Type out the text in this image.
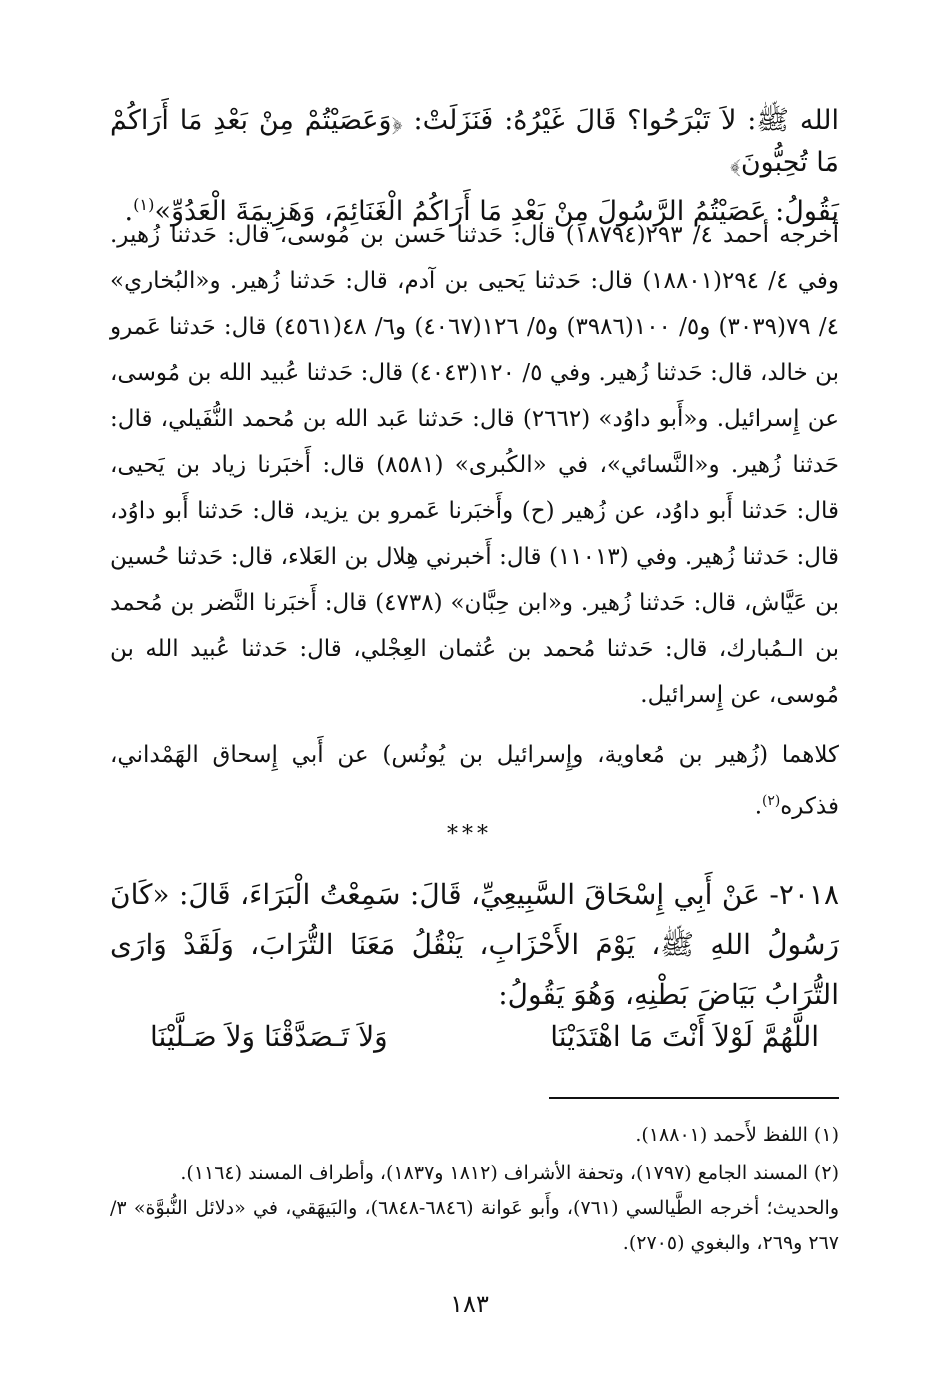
الله ﷺ: لاَ تَبْرَحُوا؟ قَالَ غَيْرُهُ: فَنَزَلَتْ: ﴿وَعَصَيْتُمْ مِنْ بَعْدِ مَا أَرَاكُمْ مَا تُحِبُّونَ﴾

يَقُولُ: عَصَيْتُمُ الرَّسُولَ مِنْ بَعْدِ مَا أَرَاكُمُ الْغَنَائِمَ، وَهَزِيمَةَ الْعَدُوِّ»$^{(١)}$.

أخرجه أحمد ٤/ ٢٩٣(١٨٧٩٤) قال: حَدثنا حَسن بن مُوسى، قال: حَدثنا زُهير. وفي ٤/ ٢٩٤(١٨٨٠١) قال: حَدثنا يَحيى بن آدم، قال: حَدثنا زُهير. و«البُخاري» ٤/ ٧٩(٣٠٣٩) و٥/ ١٠٠(٣٩٨٦) و٥/ ١٢٦(٤٠٦٧) و٦/ ٤٨(٤٥٦١) قال: حَدثنا عَمرو بن خالد، قال: حَدثنا زُهير. وفي ٥/ ١٢٠(٤٠٤٣) قال: حَدثنا عُبيد الله بن مُوسى، عن إِسرائيل. و«أَبو داوُد» (٢٦٦٢) قال: حَدثنا عَبد الله بن مُحمد النُّفَيلي، قال: حَدثنا زُهير. و«النَّسائي»، في «الكُبرى» (٨٥٨١) قال: أَخبَرنا زياد بن يَحيى، قال: حَدثنا أَبو داوُد، عن زُهير (ح) وأَخبَرنا عَمرو بن يزيد، قال: حَدثنا أَبو داوُد، قال: حَدثنا زُهير. وفي (١١٠١٣) قال: أَخبرني هِلال بن العَلاء، قال: حَدثنا حُسين بن عَيَّاش، قال: حَدثنا زُهير. و«ابن حِبَّان» (٤٧٣٨) قال: أَخبَرنا النَّضر بن مُحمد بن الـمُبارك، قال: حَدثنا مُحمد بن عُثمان العِجْلي، قال: حَدثنا عُبيد الله بن مُوسى، عن إِسرائيل.

كلاهما (زُهير بن مُعاوية، وإِسرائيل بن يُونُس) عن أَبي إِسحاق الهَمْداني، فذكره$^{(٢)}$.

***

٢٠١٨- عَنْ أَبِي إِسْحَاقَ السَّبِيعِيِّ، قَالَ: سَمِعْتُ الْبَرَاءَ، قَالَ: «كَانَ رَسُولُ اللهِ ﷺ، يَوْمَ الأَحْزَابِ، يَنْقُلُ مَعَنَا التُّرَابَ، وَلَقَدْ وَارَى التُّرَابُ بَيَاضَ بَطْنِهِ، وَهُوَ يَقُولُ:

اللَّهُمَّ لَوْلاَ أَنْتَ مَا اهْتَدَيْنَا
وَلاَ تَـصَدَّقْنَا وَلاَ صَـلَّيْنَا

(١) اللفظ لأَحمد (١٨٨٠١).

(٢) المسند الجامع (١٧٩٧)، وتحفة الأشراف (١٨١٢ و١٨٣٧)، وأطراف المسند (١١٦٤).

والحديث؛ أخرجه الطَّيالسي (٧٦١)، وأَبو عَوانة (٦٨٤٦-٦٨٤٨)، والبَيهَقي، في «دلائل النُّبوَّة» ٣/ ٢٦٧ و٢٦٩، والبغوي (٢٧٠٥).

١٨٣
